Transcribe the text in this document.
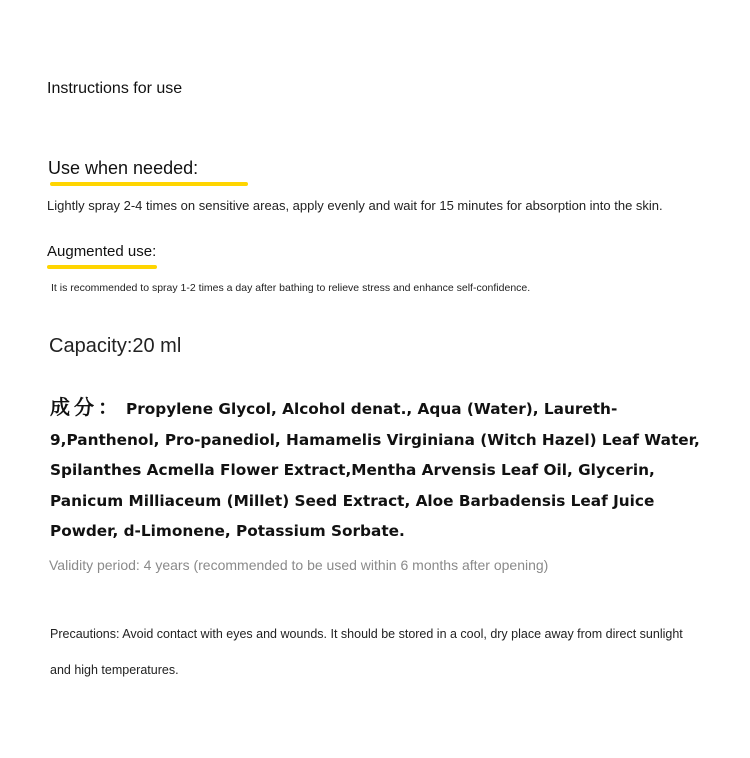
Instructions for use
Use when needed:
Lightly spray 2-4 times on sensitive areas, apply evenly and wait for 15 minutes for absorption into the skin.
Augmented use:
It is recommended to spray 1-2 times a day after bathing to relieve stress and enhance self-confidence.
Capacity:20 ml
成分： Propylene Glycol, Alcohol denat., Aqua (Water), Laureth-9,Panthenol, Pro-panediol, Hamamelis Virginiana (Witch Hazel) Leaf Water, Spilanthes Acmella Flower Extract,Mentha Arvensis Leaf Oil, Glycerin, Panicum Milliaceum (Millet) Seed Extract, Aloe Barbadensis Leaf Juice Powder, d-Limonene, Potassium Sorbate.
Validity period: 4 years (recommended to be used within 6 months after opening)
Precautions: Avoid contact with eyes and wounds. It should be stored in a cool, dry place away from direct sunlight and high temperatures.
